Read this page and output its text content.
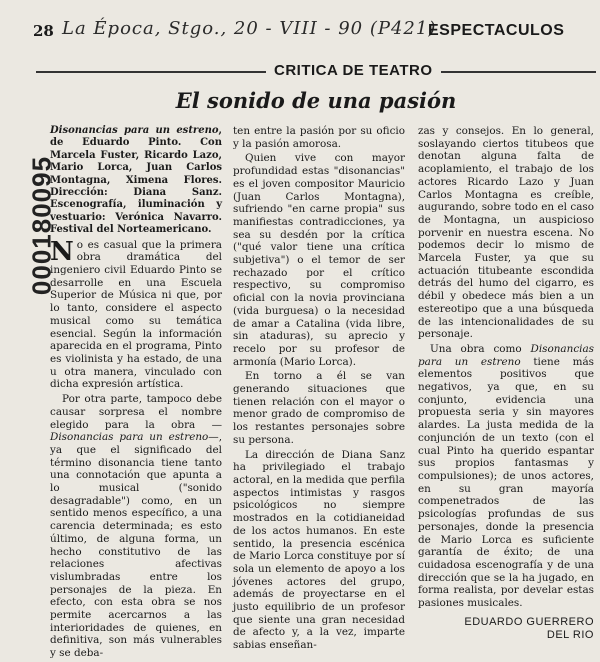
28 La Época, Stgo., 20 - VIII - 90 (P421)
ESPECTACULOS
000180095
CRITICA DE TEATRO
El sonido de una pasión

Disonancias para un estreno, de Eduardo Pinto. Con Marcela Fuster, Ricardo Lazo, Mario Lorca, Juan Carlos Montagna, Ximena Flores. Dirección: Diana Sanz. Escenografía, iluminación y vestuario: Verónica Navarro. Festival del Norteamericano.

No es casual que la primera obra dramática del ingeniero civil Eduardo Pinto se desarrolle en una Escuela Superior de Música ni que, por lo tanto, considere el aspecto musical como su temática esencial. Según la información aparecida en el programa, Pinto es violinista y ha estado, de una u otra manera, vinculado con dicha expresión artística.

Por otra parte, tampoco debe causar sorpresa el nombre elegido para la obra —Disonancias para un estreno—, ya que el significado del término disonancia tiene tanto una connotación que apunta a lo musical ("sonido desagradable") como, en un sentido menos específico, a una carencia determinada; es esto último, de alguna forma, un hecho constitutivo de las relaciones afectivas vislumbradas entre los personajes de la pieza. En efecto, con esta obra se nos permite acercarnos a las interioridades de quienes, en definitiva, son más vulnerables y se deba-

ten entre la pasión por su oficio y la pasión amorosa.

Quien vive con mayor profundidad estas "disonancias" es el joven compositor Mauricio (Juan Carlos Montagna), sufriendo "en carne propia" sus manifiestas contradicciones, ya sea su desdén por la crítica ("qué valor tiene una crítica subjetiva") o el temor de ser rechazado por el crítico respectivo, su compromiso oficial con la novia provinciana (vida burguesa) o la necesidad de amar a Catalina (vida libre, sin ataduras), su aprecio y recelo por su profesor de armonía (Mario Lorca).

En torno a él se van generando situaciones que tienen relación con el mayor o menor grado de compromiso de los restantes personajes sobre su persona.

La dirección de Diana Sanz ha privilegiado el trabajo actoral, en la medida que perfila aspectos intimistas y rasgos psicológicos no siempre mostrados en la cotidianeidad de los actos humanos. En este sentido, la presencia escénica de Mario Lorca constituye por sí sola un elemento de apoyo a los jóvenes actores del grupo, además de proyectarse en el justo equilibrio de un profesor que siente una gran necesidad de afecto y, a la vez, imparte sabias enseñan-

zas y consejos. En lo general, soslayando ciertos titubeos que denotan alguna falta de acoplamiento, el trabajo de los actores Ricardo Lazo y Juan Carlos Montagna es creíble, augurando, sobre todo en el caso de Montagna, un auspicioso porvenir en nuestra escena. No podemos decir lo mismo de Marcela Fuster, ya que su actuación titubeante escondida detrás del humo del cigarro, es débil y obedece más bien a un estereotipo que a una búsqueda de las intencionalidades de su personaje.

Una obra como Disonancias para un estreno tiene más elementos positivos que negativos, ya que, en su conjunto, evidencia una propuesta seria y sin mayores alardes. La justa medida de la conjunción de un texto (con el cual Pinto ha querido espantar sus propios fantasmas y compulsiones); de unos actores, en su gran mayoría compenetrados de las psicologías profundas de sus personajes, donde la presencia de Mario Lorca es suficiente garantía de éxito; de una cuidadosa escenografía y de una dirección que se la ha jugado, en forma realista, por develar estas pasiones musicales.

EDUARDO GUERRERO
DEL RIO
